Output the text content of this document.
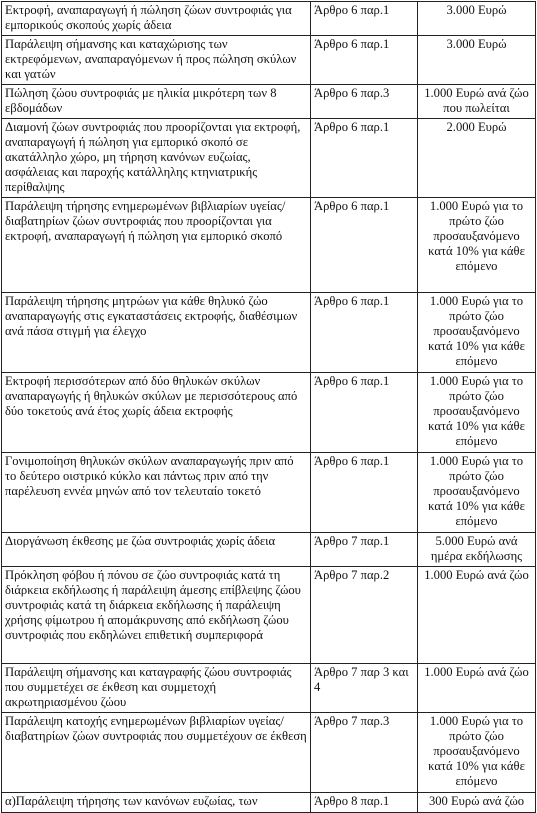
Εκτροφή, αναπαραγωγή ή πώληση ζώων συντροφιάς για εμπορικούς σκοπούς χωρίς άδεια	Άρθρο 6 παρ.1	3.000 Ευρώ
Παράλειψη σήμανσης και καταχώρισης των εκτρεφόμενων, αναπαραγόμενων ή προς πώληση σκύλων και γατών	Άρθρο 6 παρ.1	3.000 Ευρώ
Πώληση ζώου συντροφιάς με ηλικία μικρότερη των 8 εβδομάδων	Άρθρο 6 παρ.3	1.000 Ευρώ ανά ζώο που πωλείται
Διαμονή ζώων συντροφιάς που προορίζονται για εκτροφή, αναπαραγωγή ή πώληση για εμπορικό σκοπό σε ακατάλληλο χώρο, μη τήρηση κανόνων ευζωίας, ασφάλειας και παροχής κατάλληλης κτηνιατρικής περίθαλψης	Άρθρο 6 παρ.1	2.000 Ευρώ
Παράλειψη τήρησης ενημερωμένων βιβλιαρίων υγείας/διαβατηρίων ζώων συντροφιάς που προορίζονται για εκτροφή, αναπαραγωγή ή πώληση για εμπορικό σκοπό	Άρθρο 6 παρ.1	1.000 Ευρώ για το πρώτο ζώο προσαυξανόμενο κατά 10% για κάθε επόμενο
Παράλειψη τήρησης μητρώων για κάθε θηλυκό ζώο αναπαραγωγής στις εγκαταστάσεις εκτροφής, διαθέσιμων ανά πάσα στιγμή για έλεγχο	Άρθρο 6 παρ.1	1.000 Ευρώ για το πρώτο ζώο προσαυξανόμενο κατά 10% για κάθε επόμενο
Εκτροφή περισσότερων από δύο θηλυκών σκύλων αναπαραγωγής ή θηλυκών σκύλων με περισσότερους από δύο τοκετούς ανά έτος χωρίς άδεια εκτροφής	Άρθρο 6 παρ.1	1.000 Ευρώ για το πρώτο ζώο προσαυξανόμενο κατά 10% για κάθε επόμενο
Γονιμοποίηση θηλυκών σκύλων αναπαραγωγής πριν από το δεύτερο οιστρικό κύκλο και πάντως πριν από την παρέλευση εννέα μηνών από τον τελευταίο τοκετό	Άρθρο 6 παρ.1	1.000 Ευρώ για το πρώτο ζώο προσαυξανόμενο κατά 10% για κάθε επόμενο
Διοργάνωση έκθεσης με ζώα συντροφιάς χωρίς άδεια	Άρθρο 7 παρ.1	5.000 Ευρώ ανά ημέρα εκδήλωσης
Πρόκληση φόβου ή πόνου σε ζώο συντροφιάς κατά τη διάρκεια εκδήλωσης ή παράλειψη άμεσης επίβλεψης ζώου συντροφιάς κατά τη διάρκεια εκδήλωσης ή παράλειψη χρήσης φίμωτρου ή απομάκρυνσης από εκδήλωση ζώου συντροφιάς που εκδηλώνει επιθετική συμπεριφορά	Άρθρο 7 παρ.2	1.000 Ευρώ ανά ζώο
Παράλειψη σήμανσης και καταγραφής ζώου συντροφιάς που συμμετέχει σε έκθεση και συμμετοχή ακρωτηριασμένου ζώου	Άρθρο 7 παρ 3 και 4	1.000 Ευρώ ανά ζώο
Παράλειψη κατοχής ενημερωμένων βιβλιαρίων υγείας/διαβατηρίων ζώων συντροφιάς που συμμετέχουν σε έκθεση	Άρθρο 7 παρ.3	1.000 Ευρώ για το πρώτο ζώο προσαυξανόμενο κατά 10% για κάθε επόμενο
α)Παράλειψη τήρησης των κανόνων ευζωίας, των	Άρθρο 8 παρ.1	300 Ευρώ ανά ζώο
